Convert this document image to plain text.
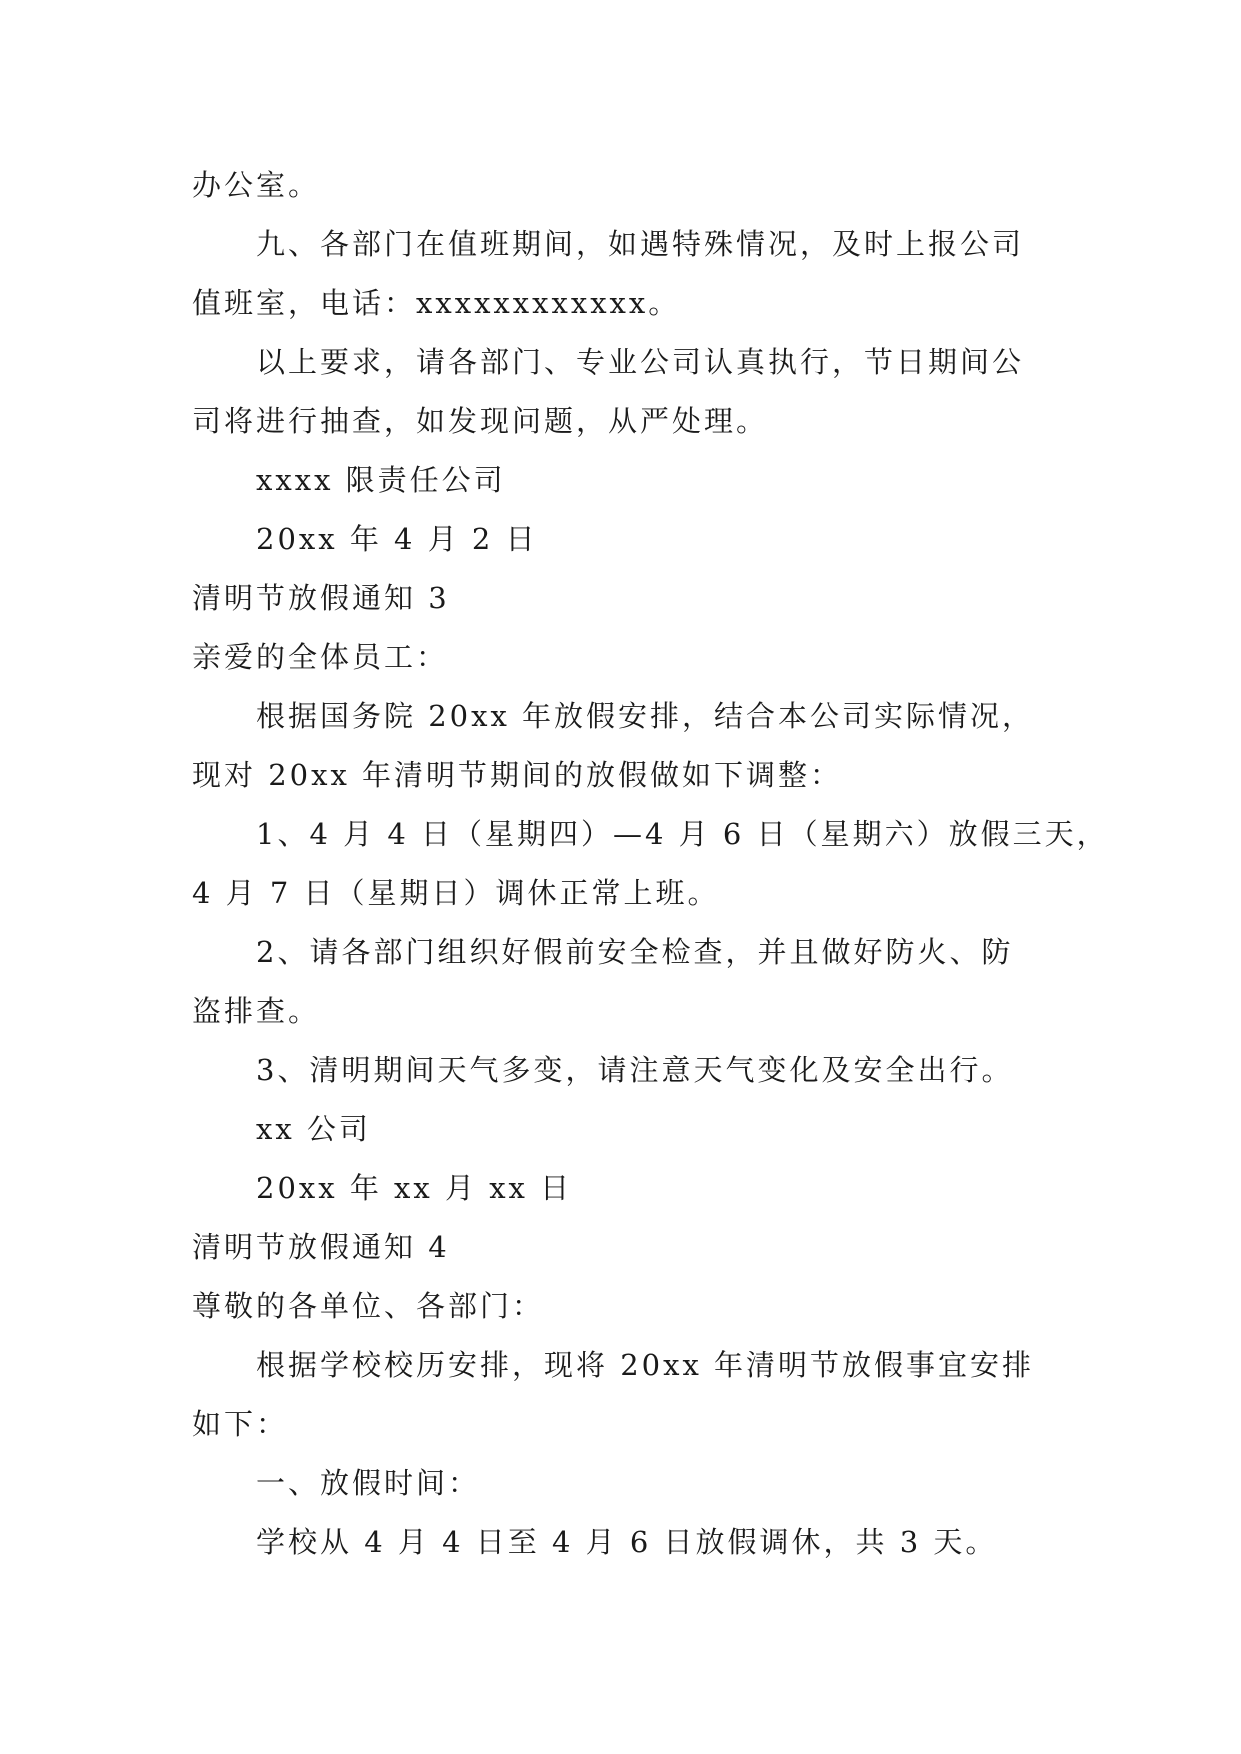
办公室。

九、各部门在值班期间，如遇特殊情况，及时上报公司

值班室，电话：xxxxxxxxxxxx。

以上要求，请各部门、专业公司认真执行，节日期间公

司将进行抽查，如发现问题，从严处理。

xxxx 限责任公司

20xx 年 4 月 2 日

清明节放假通知 3

亲爱的全体员工：

根据国务院 20xx 年放假安排，结合本公司实际情况，

现对 20xx 年清明节期间的放假做如下调整：

1、4 月 4 日（星期四）—4 月 6 日（星期六）放假三天，

4 月 7 日（星期日）调休正常上班。

2、请各部门组织好假前安全检查，并且做好防火、防

盗排查。

3、清明期间天气多变，请注意天气变化及安全出行。

xx 公司

20xx 年 xx 月 xx 日

清明节放假通知 4

尊敬的各单位、各部门：

根据学校校历安排，现将 20xx 年清明节放假事宜安排

如下：

一、放假时间：

学校从 4 月 4 日至 4 月 6 日放假调休，共 3 天。
